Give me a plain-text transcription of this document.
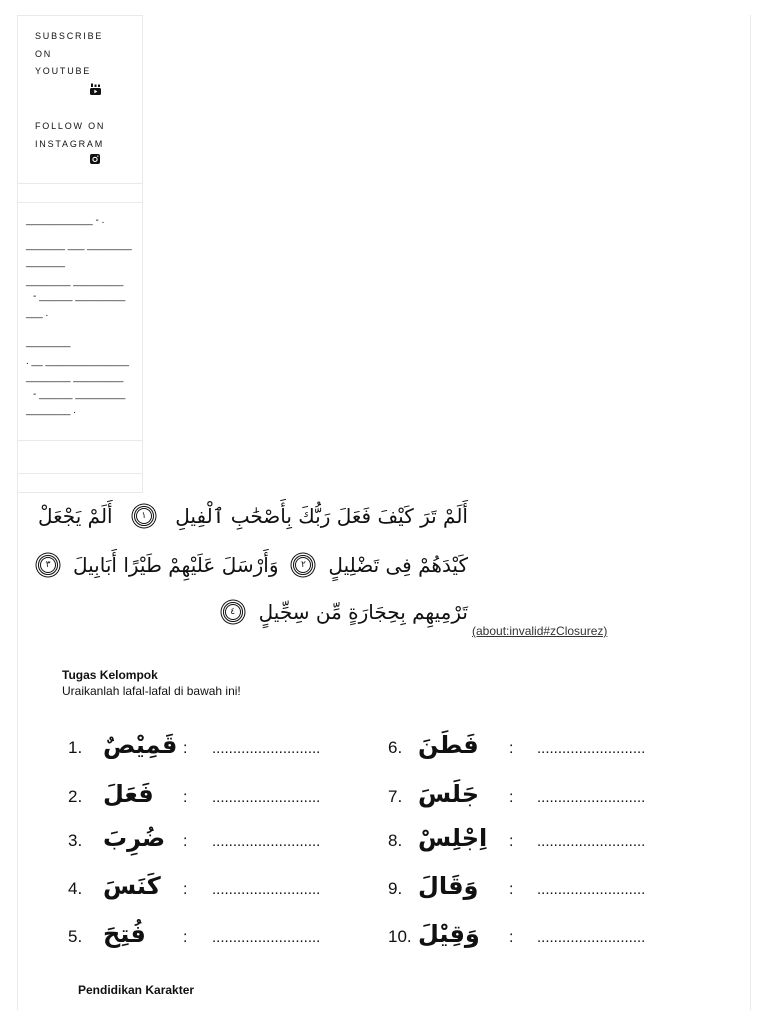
SUBSCRIBE
ON
YOUTUBE
FOLLOW ON
INSTAGRAM
____________ - .
_______ ___ ________
_______
________ _________
- ______ _________
___ .
________
. __ _______________
________ _________
- ______ _________
________ .
أَلَمْ تَرَ كَيْفَ فَعَلَ رَبُّكَ بِأَصْحَٰبِ ٱلْفِيلِ
١
أَلَمْ يَجْعَلْ
كَيْدَهُمْ فِى تَضْلِيلٍ
٢
وَأَرْسَلَ عَلَيْهِمْ طَيْرًا أَبَابِيلَ
٣
تَرْمِيهِم بِحِجَارَةٍ مِّن سِجِّيلٍ
٤
(about:invalid#zClosurez)
Tugas Kelompok
Uraikanlah lafal-lafal di bawah ini!
1. قَمِيْصٌ :	..........................
2. فَعَلَ	:	..........................
3. ضُرِبَ	:	..........................
4. كَنَسَ	:	..........................
5. فُتِحَ	:	..........................
6. فَطَنَ	:	..........................
7. جَلَسَ	:	..........................
8. اِجْلِسْ	:	..........................
9. وَقَالَ	:	..........................
10. وَقِيْلَ	:	..........................
Pendidikan Karakter
